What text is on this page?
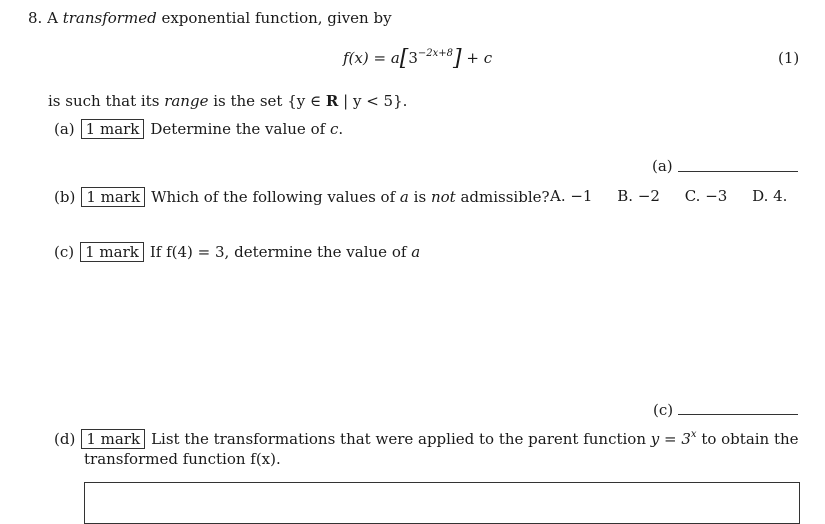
8. A transformed exponential function, given by
$f(x) = a[3^{-2x+8}] + c$	(1)
is such that its range is the set {y ∈ R | y < 5}.
(a) 1 mark Determine the value of c.
(a)
(b) 1 mark Which of the following values of a is not admissible? A. −1 B. −2 C. −3 D. 4.
(c) 1 mark If f(4) = 3, determine the value of a
(c)
(d) 1 mark List the transformations that were applied to the parent function $y = 3^x$ to obtain the
transformed function f(x).
